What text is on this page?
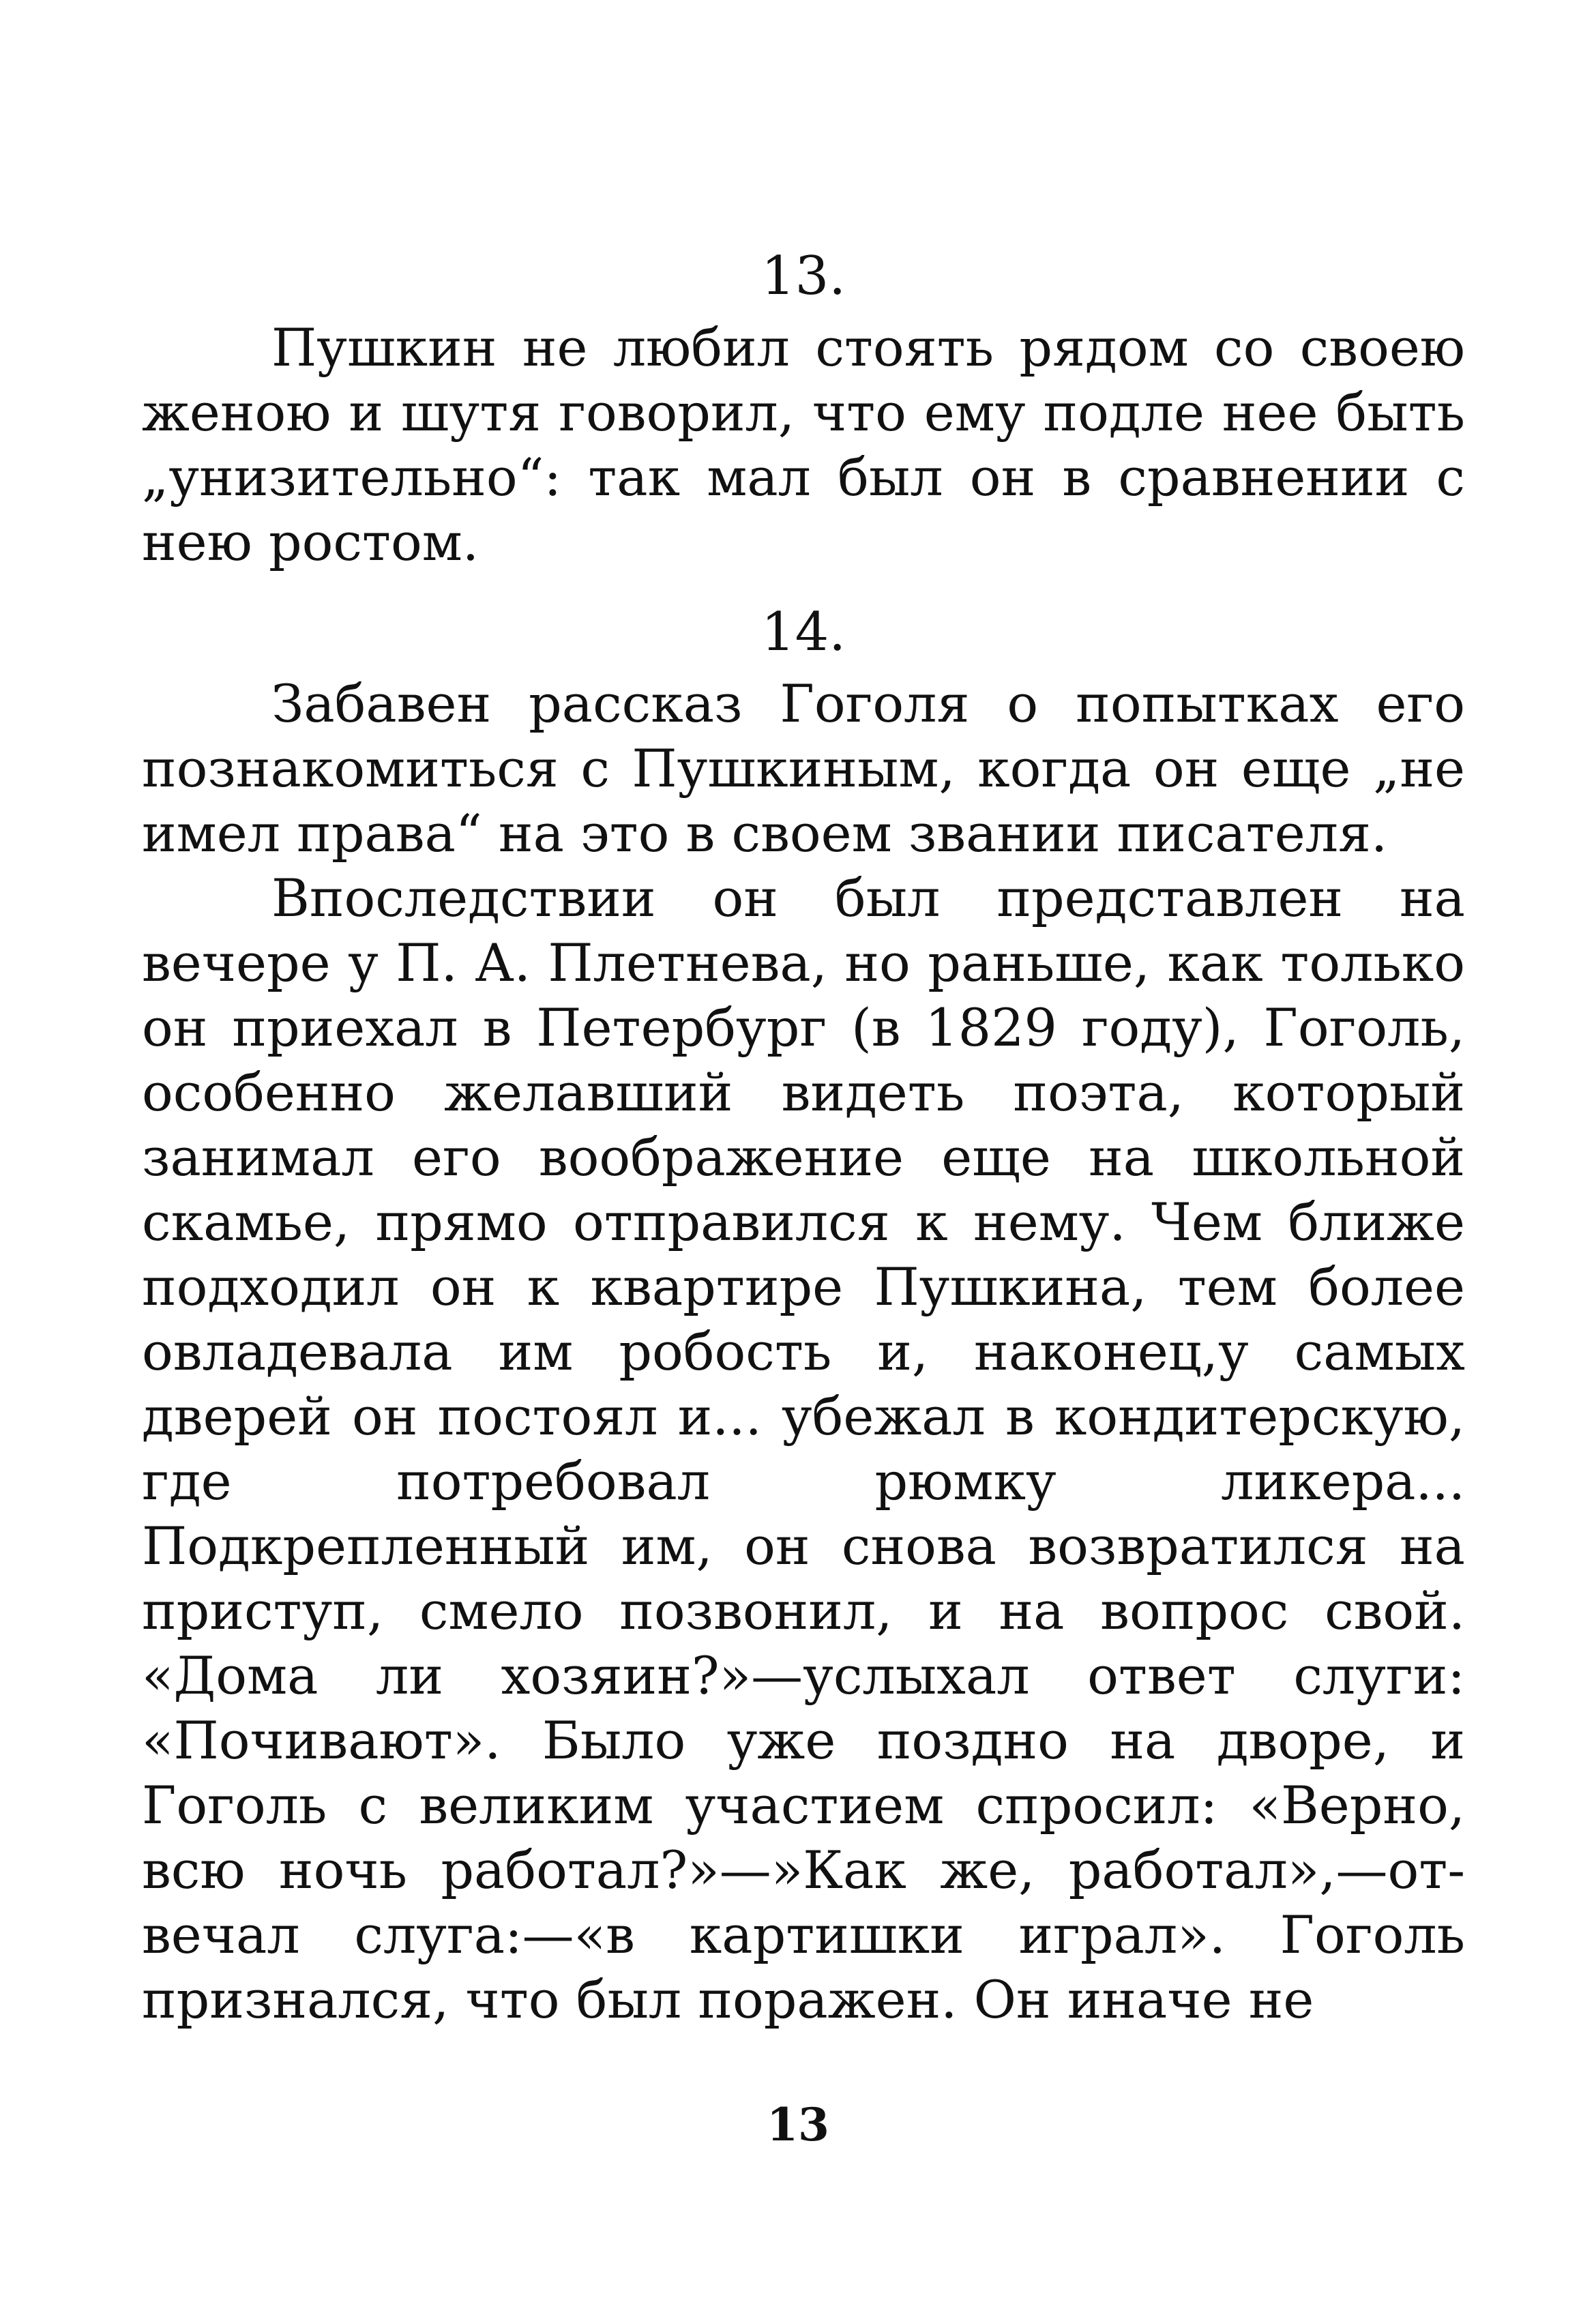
13.

Пушкин не любил стоять рядом со своею женою и шутя говорил, что ему подле нее быть „унизительно“: так мал был он в сравнении с нею ростом.

14.

Забавен рассказ Гоголя о попытках его познакомиться с Пушкиным, когда он еще „не имел права“ на это в своем звании писателя.

Впоследствии он был представлен на вечере у П. А. Плетнева, но раньше, как только он приехал в Петербург (в 1829 году), Гоголь, особенно желавший видеть поэта, который занимал его воображение еще на школьной скамье, прямо отправился к нему. Чем ближе подходил он к квартире Пушкина, тем более овладевала им робость и, наконец,у самых дверей он постоял и... убежал в кондитерскую, где потребовал рюмку ликера... Подкрепленный им, он снова возвратился на приступ, смело позвонил, и на вопрос свой. «Дома ли хозяин?»—услыхал ответ слуги: «Почивают». Было уже поздно на дворе, и Гоголь с великим участием спросил: «Верно, всю ночь работал?»—»Как же, работал»,—отвечал слуга:—«в картишки играл». Гоголь признался, что был поражен. Он иначе не

13
